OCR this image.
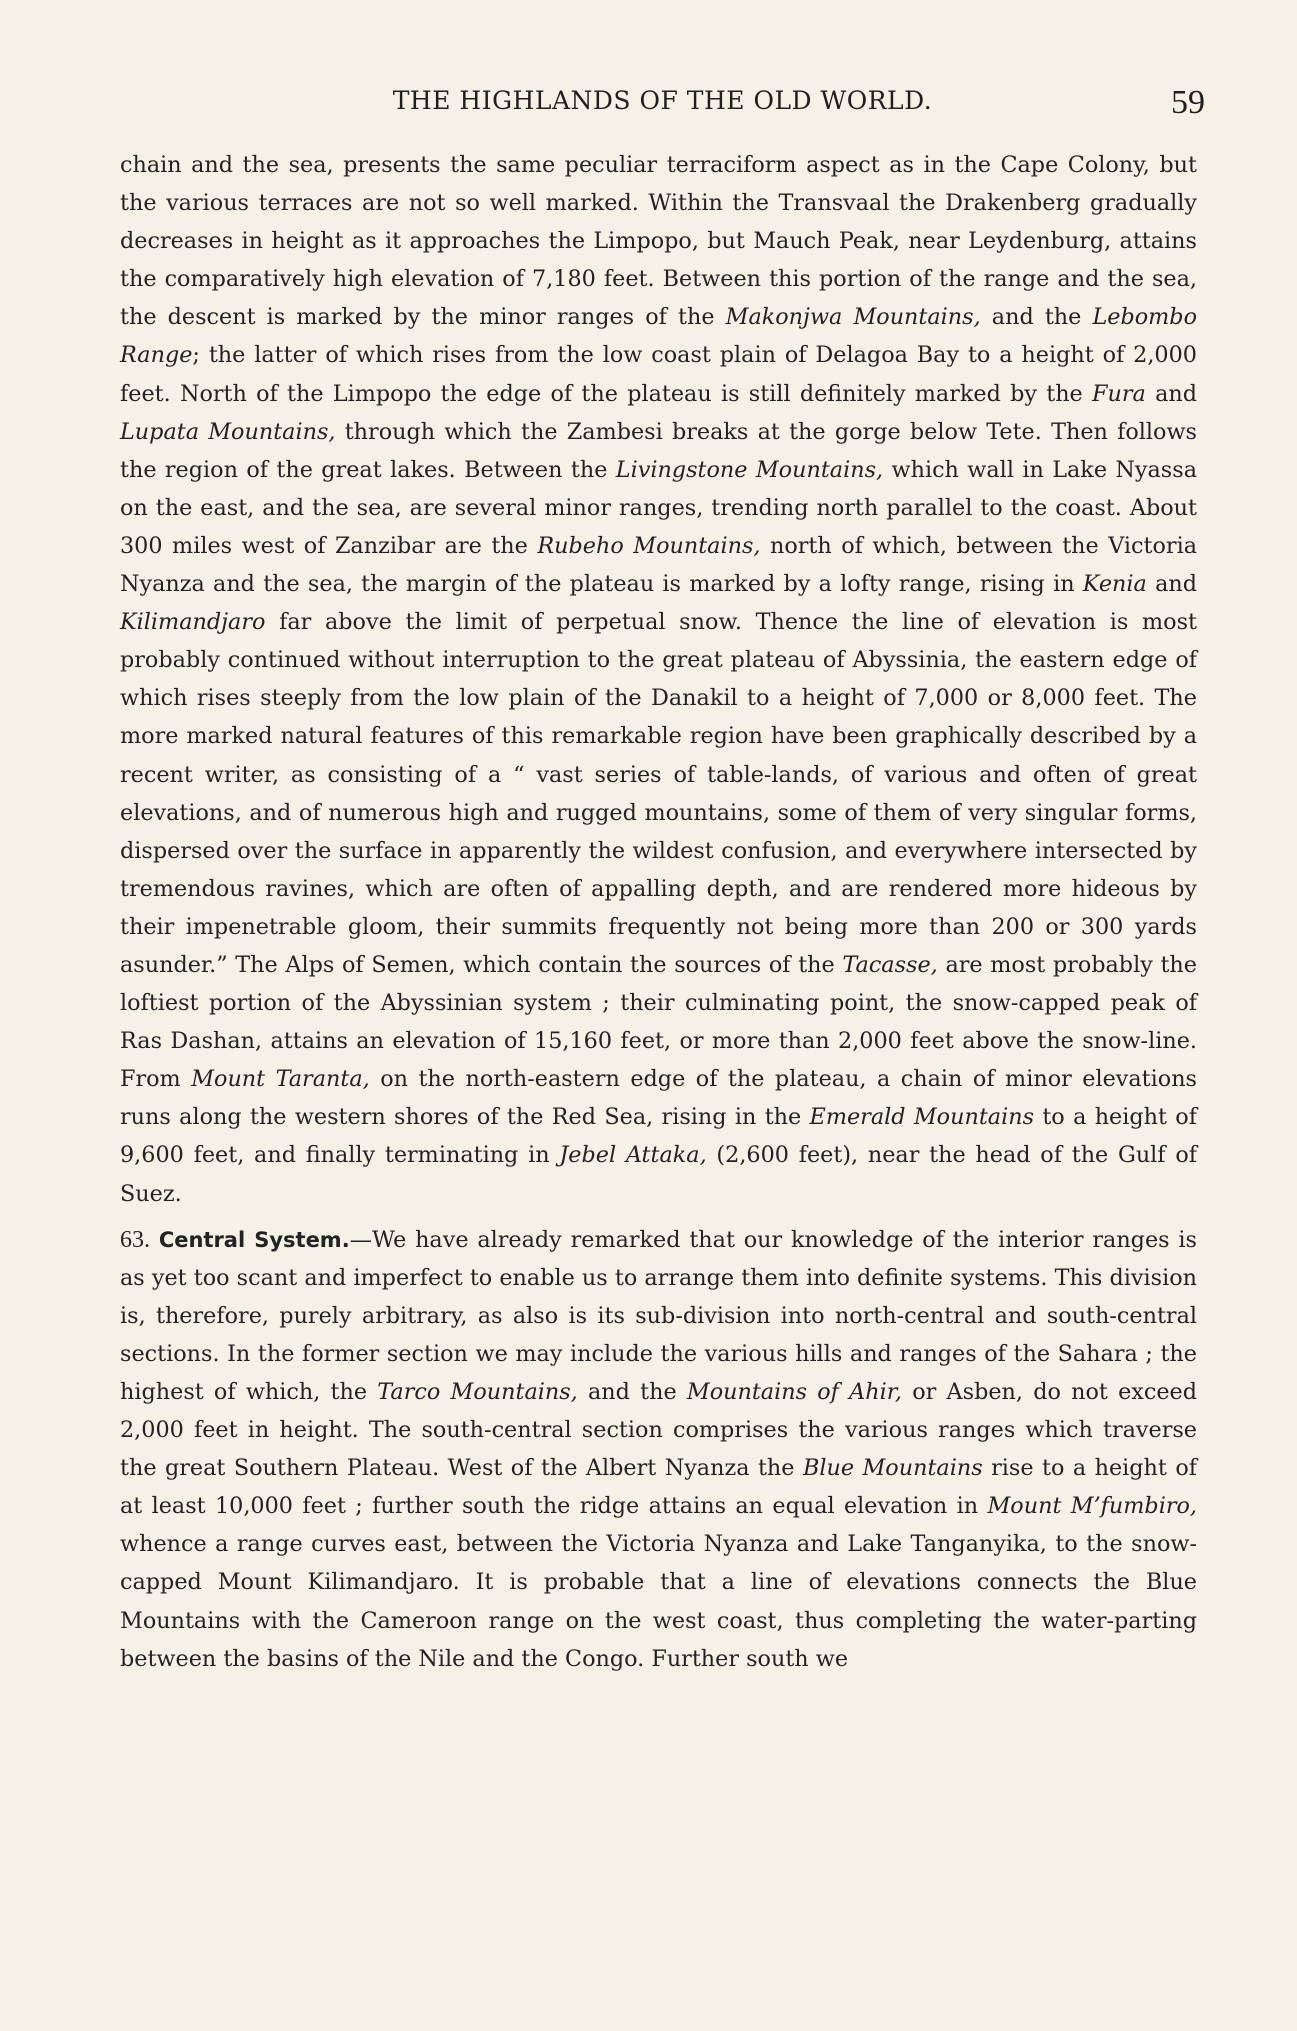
THE HIGHLANDS OF THE OLD WORLD.	59

chain and the sea, presents the same peculiar terraciform aspect as in the Cape Colony, but the various terraces are not so well marked. Within the Transvaal the Drakenberg gradually decreases in height as it approaches the Limpopo, but Mauch Peak, near Leydenburg, attains the comparatively high elevation of 7,180 feet. Between this portion of the range and the sea, the descent is marked by the minor ranges of the Makonjwa Mountains, and the Lebombo Range; the latter of which rises from the low coast plain of Delagoa Bay to a height of 2,000 feet. North of the Limpopo the edge of the plateau is still definitely marked by the Fura and Lupata Mountains, through which the Zambesi breaks at the gorge below Tete. Then follows the region of the great lakes. Between the Livingstone Mountains, which wall in Lake Nyassa on the east, and the sea, are several minor ranges, trending north parallel to the coast. About 300 miles west of Zanzibar are the Rubeho Mountains, north of which, between the Victoria Nyanza and the sea, the margin of the plateau is marked by a lofty range, rising in Kenia and Kilimandjaro far above the limit of perpetual snow. Thence the line of elevation is most probably continued without interruption to the great plateau of Abyssinia, the eastern edge of which rises steeply from the low plain of the Danakil to a height of 7,000 or 8,000 feet. The more marked natural features of this remarkable region have been graphically described by a recent writer, as consisting of a “ vast series of table-lands, of various and often of great elevations, and of numerous high and rugged mountains, some of them of very singular forms, dispersed over the surface in apparently the wildest confusion, and everywhere intersected by tremendous ravines, which are often of appalling depth, and are rendered more hideous by their impenetrable gloom, their summits frequently not being more than 200 or 300 yards asunder.” The Alps of Semen, which contain the sources of the Tacasse, are most probably the loftiest portion of the Abyssinian system ; their culminating point, the snow-capped peak of Ras Dashan, attains an elevation of 15,160 feet, or more than 2,000 feet above the snow-line. From Mount Taranta, on the north-eastern edge of the plateau, a chain of minor elevations runs along the western shores of the Red Sea, rising in the Emerald Mountains to a height of 9,600 feet, and finally terminating in Jebel Attaka, (2,600 feet), near the head of the Gulf of Suez.

63. Central System.—We have already remarked that our knowledge of the interior ranges is as yet too scant and imperfect to enable us to arrange them into definite systems. This division is, therefore, purely arbitrary, as also is its sub-division into north-central and south-central sections. In the former section we may include the various hills and ranges of the Sahara ; the highest of which, the Tarco Mountains, and the Mountains of Ahir, or Asben, do not exceed 2,000 feet in height. The south-central section comprises the various ranges which traverse the great Southern Plateau. West of the Albert Nyanza the Blue Mountains rise to a height of at least 10,000 feet ; further south the ridge attains an equal elevation in Mount M’fumbiro, whence a range curves east, between the Victoria Nyanza and Lake Tanganyika, to the snow-capped Mount Kilimandjaro. It is probable that a line of elevations connects the Blue Mountains with the Cameroon range on the west coast, thus completing the water-parting between the basins of the Nile and the Congo. Further south we
